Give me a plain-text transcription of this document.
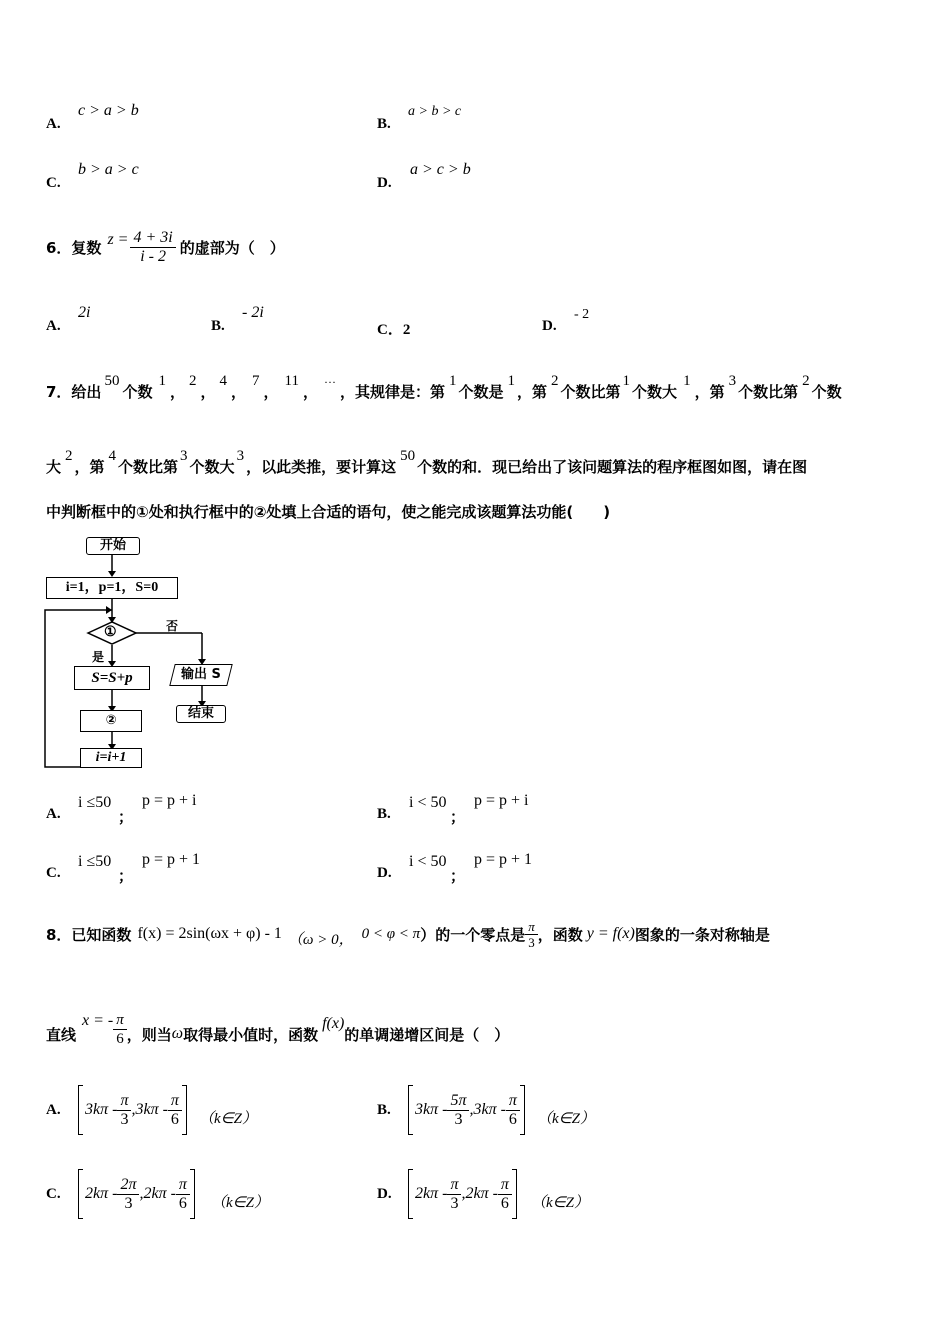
A.
c > a > b
B.
a > b > c
C.
b > a > c
D.
a > c > b
6．复数 $z = \frac{4 + 3i}{i - 2}$ 的虚部为（　）
A.
2i
B.
- 2i
C．2	D.
- 2
7．给出
50
个数
1
，
2
，
4
，
7
，
11
，
···
，其规律是：第
1
个数是
1
，第
2
个数比第
1
个数大
1
，第
3
个数比第
2
个数
大
2
，第
4
个数比第
3
个数大
3
，以此类推，要计算这
50
个数的和．现已给出了该问题算法的程序框图如图，请在图
中判断框中的①处和执行框中的②处填上合适的语句，使之能完成该题算法功能(　　)
开始
i=1，p=1，S=0
①	否
是
S=S+p
②
i=i+1
输出 S
结束
A.
i ≤50
；
p = p + i
B.
i < 50
；
p = p + i
C.
i ≤50
；
p = p + 1
D.
i < 50
；
p = p + 1
8．已知函数 f(x) = 2sin(ωx + φ) - 1 （ω > 0， 0 < φ < π ）的一个零点是 $\frac{\pi}{3}$ ，函数 y = f(x) 图象的一条对称轴是
直线
x = - $\frac{\pi}{6}$ ，则当 ω 取得最小值时，函数
f(x)
的单调递增区间是（　）
A.	$3k\pi - \frac{\pi}{3} ,3k\pi - \frac{\pi}{6}$ （k∈Z）
B.	$3k\pi - \frac{5\pi}{3} ,3k\pi - \frac{\pi}{6}$ （k∈Z）
C.	$2k\pi - \frac{2\pi}{3} ,2k\pi - \frac{\pi}{6}$ （k∈Z）
D.	$2k\pi - \frac{\pi}{3} ,2k\pi - \frac{\pi}{6}$ （k∈Z）
